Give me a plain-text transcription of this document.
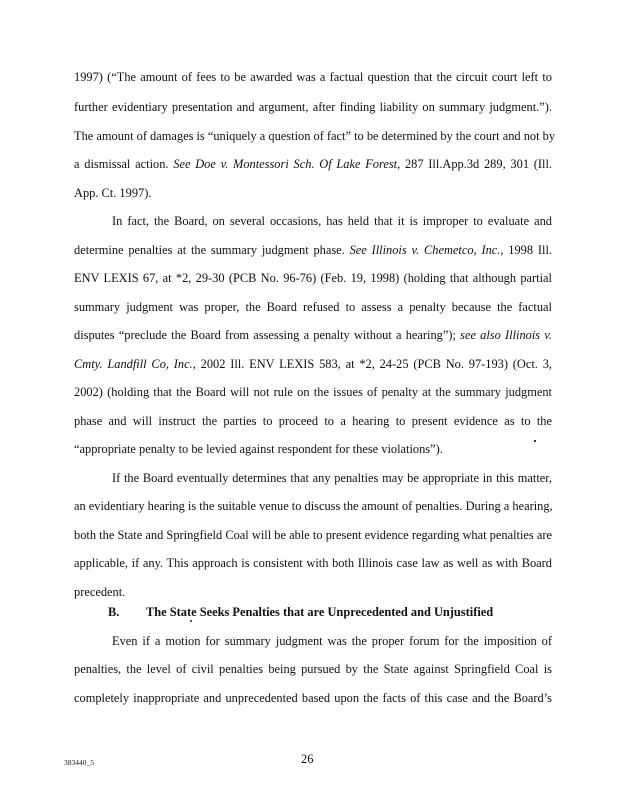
1997) (“The amount of fees to be awarded was a factual question that the circuit court left to
further evidentiary presentation and argument, after finding liability on summary judgment.”).
The amount of damages is “uniquely a question of fact” to be determined by the court and not by
a dismissal action. See Doe v. Montessori Sch. Of Lake Forest, 287 Ill.App.3d 289, 301 (Ill.
App. Ct. 1997).
In fact, the Board, on several occasions, has held that it is improper to evaluate and
determine penalties at the summary judgment phase. See Illinois v. Chemetco, Inc., 1998 Ill.
ENV LEXIS 67, at *2, 29-30 (PCB No. 96-76) (Feb. 19, 1998) (holding that although partial
summary judgment was proper, the Board refused to assess a penalty because the factual
disputes “preclude the Board from assessing a penalty without a hearing”); see also Illinois v.
Cmty. Landfill Co, Inc., 2002 Ill. ENV LEXIS 583, at *2, 24-25 (PCB No. 97-193) (Oct. 3,
2002) (holding that the Board will not rule on the issues of penalty at the summary judgment
phase and will instruct the parties to proceed to a hearing to present evidence as to the
“appropriate penalty to be levied against respondent for these violations”).
If the Board eventually determines that any penalties may be appropriate in this matter,
an evidentiary hearing is the suitable venue to discuss the amount of penalties. During a hearing,
both the State and Springfield Coal will be able to present evidence regarding what penalties are
applicable, if any. This approach is consistent with both Illinois case law as well as with Board
precedent.
B. The State Seeks Penalties that are Unprecedented and Unjustified
Even if a motion for summary judgment was the proper forum for the imposition of
penalties, the level of civil penalties being pursued by the State against Springfield Coal is
completely inappropriate and unprecedented based upon the facts of this case and the Board’s
383440_5	26
